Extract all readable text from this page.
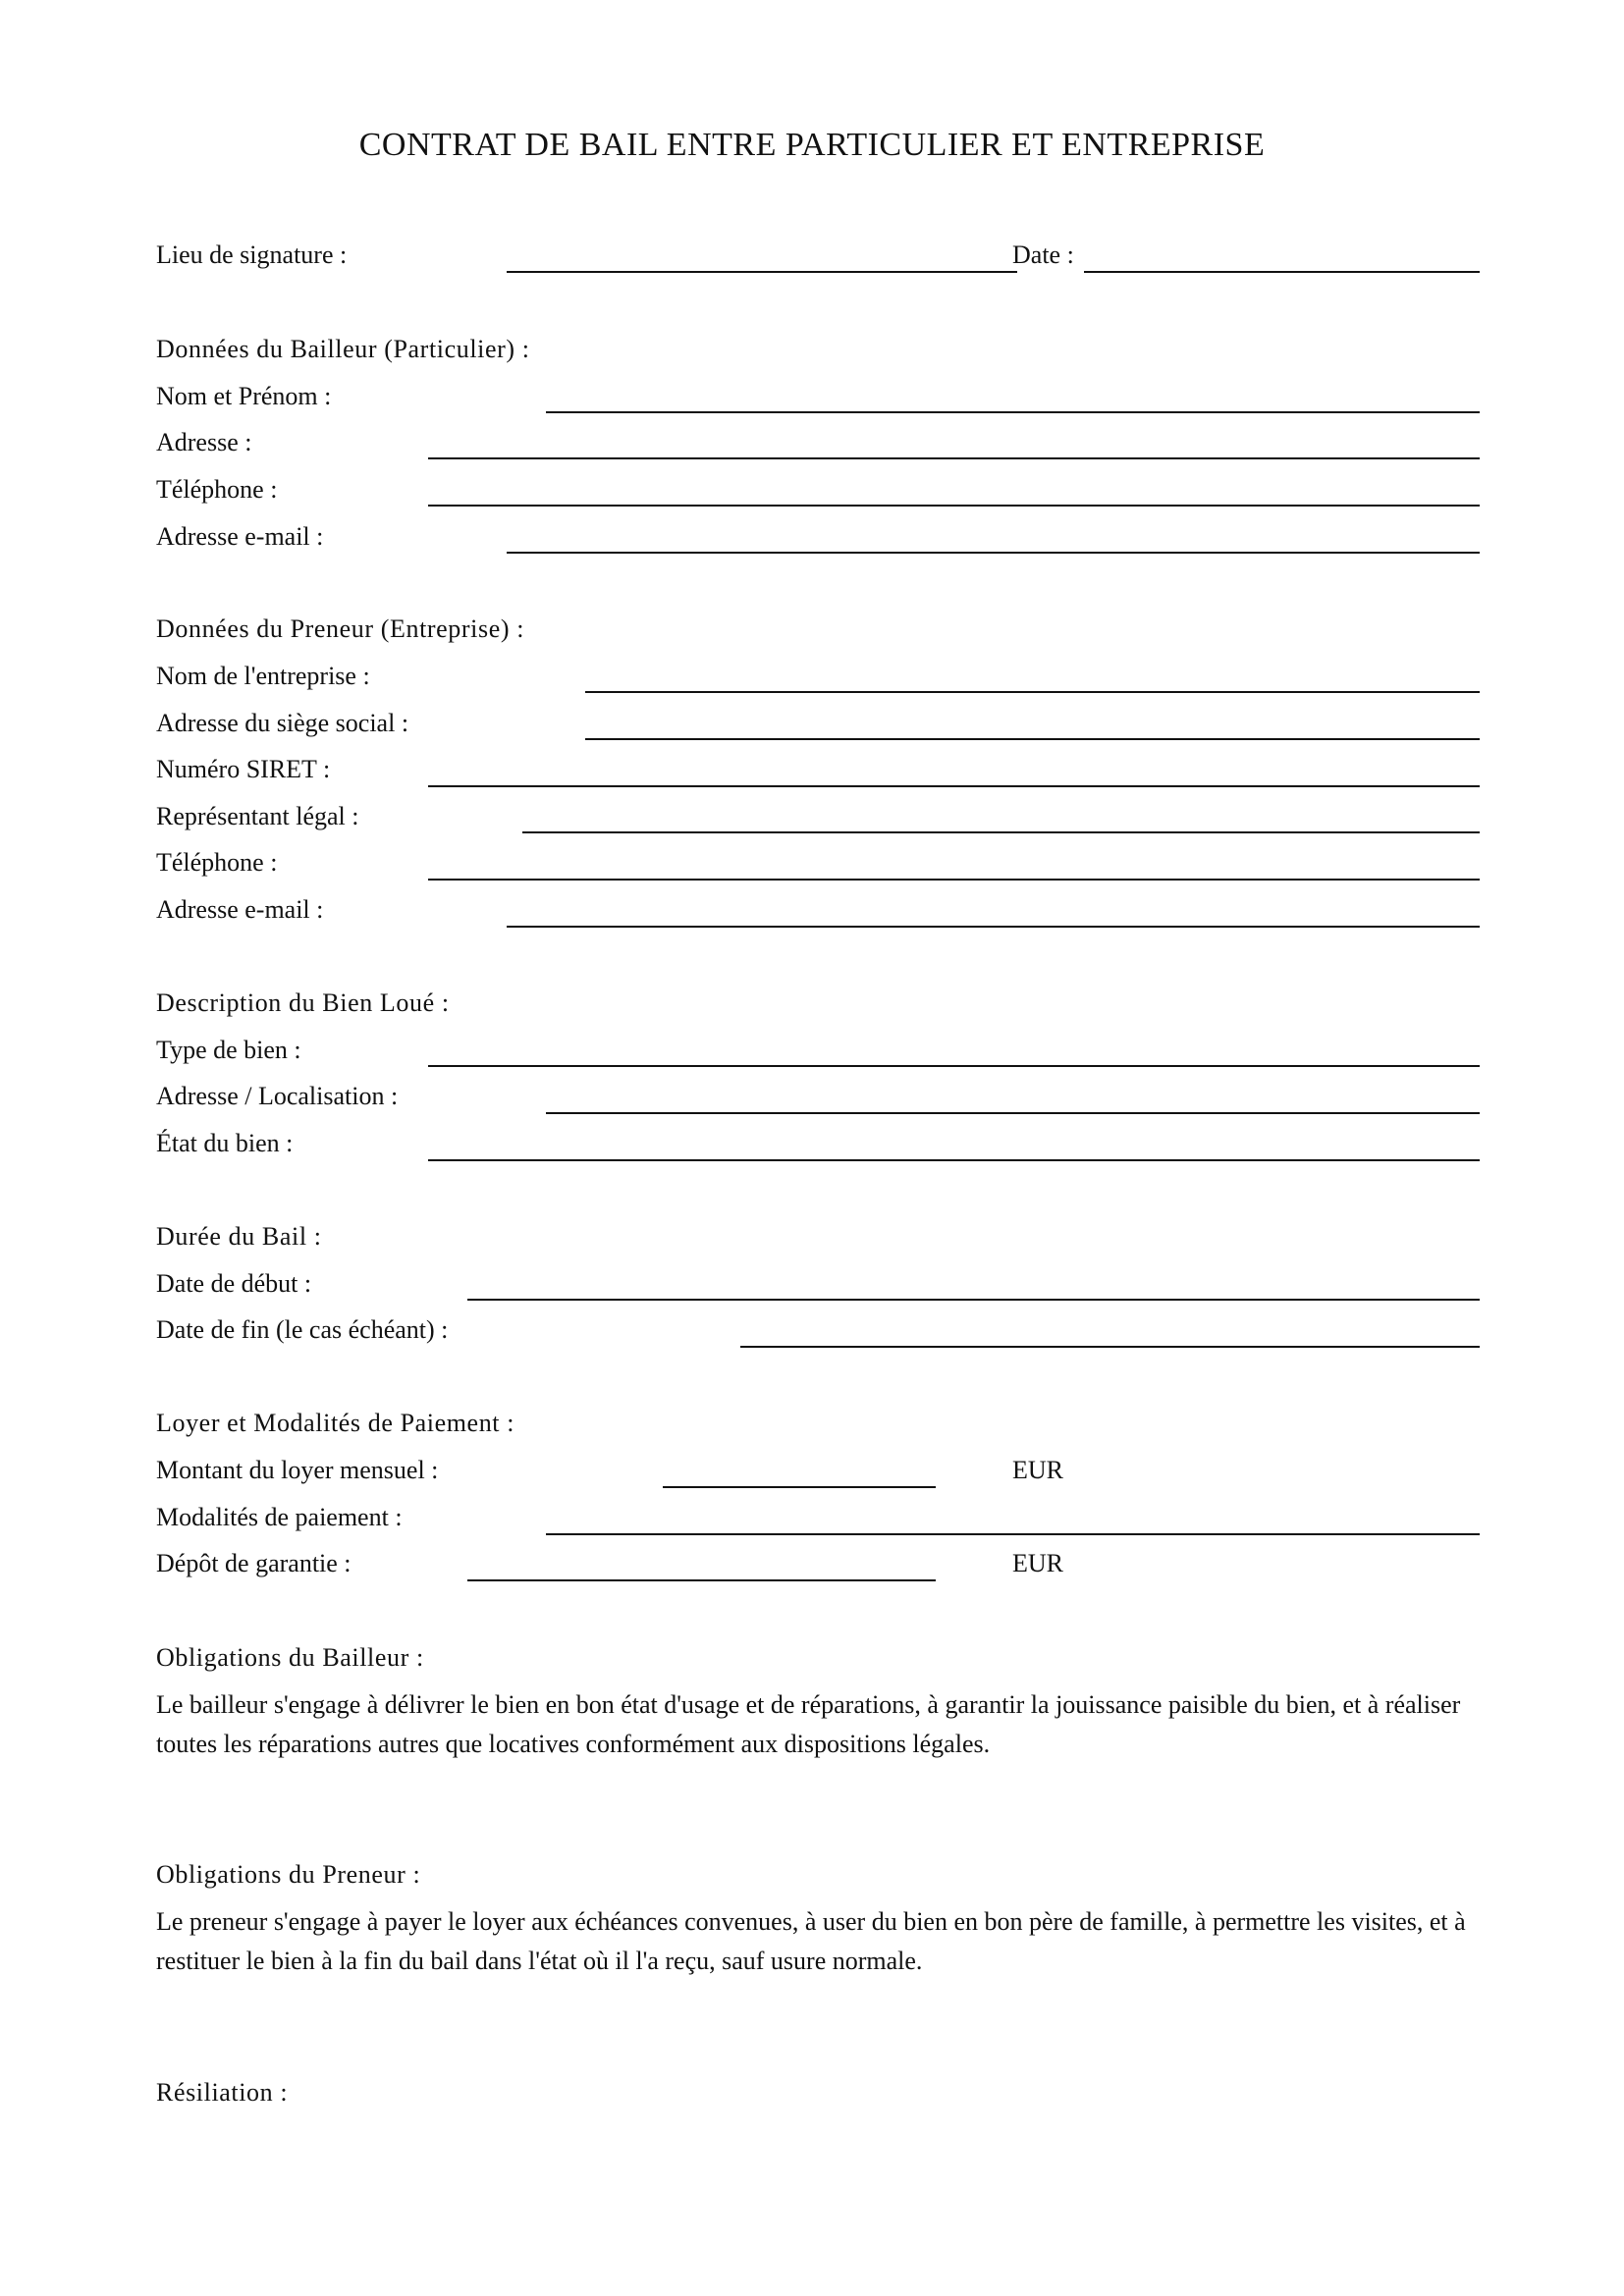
CONTRAT DE BAIL ENTRE PARTICULIER ET ENTREPRISE
Lieu de signature :	Date :
Données du Bailleur (Particulier) :
Nom et Prénom :
Adresse :
Téléphone :
Adresse e-mail :
Données du Preneur (Entreprise) :
Nom de l'entreprise :
Adresse du siège social :
Numéro SIRET :
Représentant légal :
Téléphone :
Adresse e-mail :
Description du Bien Loué :
Type de bien :
Adresse / Localisation :
État du bien :
Durée du Bail :
Date de début :
Date de fin (le cas échéant) :
Loyer et Modalités de Paiement :
Montant du loyer mensuel :	EUR
Modalités de paiement :
Dépôt de garantie :	EUR
Obligations du Bailleur :
Le bailleur s'engage à délivrer le bien en bon état d'usage et de réparations, à garantir la jouissance paisible du bien, et à réaliser toutes les réparations autres que locatives conformément aux dispositions légales.
Obligations du Preneur :
Le preneur s'engage à payer le loyer aux échéances convenues, à user du bien en bon père de famille, à permettre les visites, et à restituer le bien à la fin du bail dans l'état où il l'a reçu, sauf usure normale.
Résiliation :
